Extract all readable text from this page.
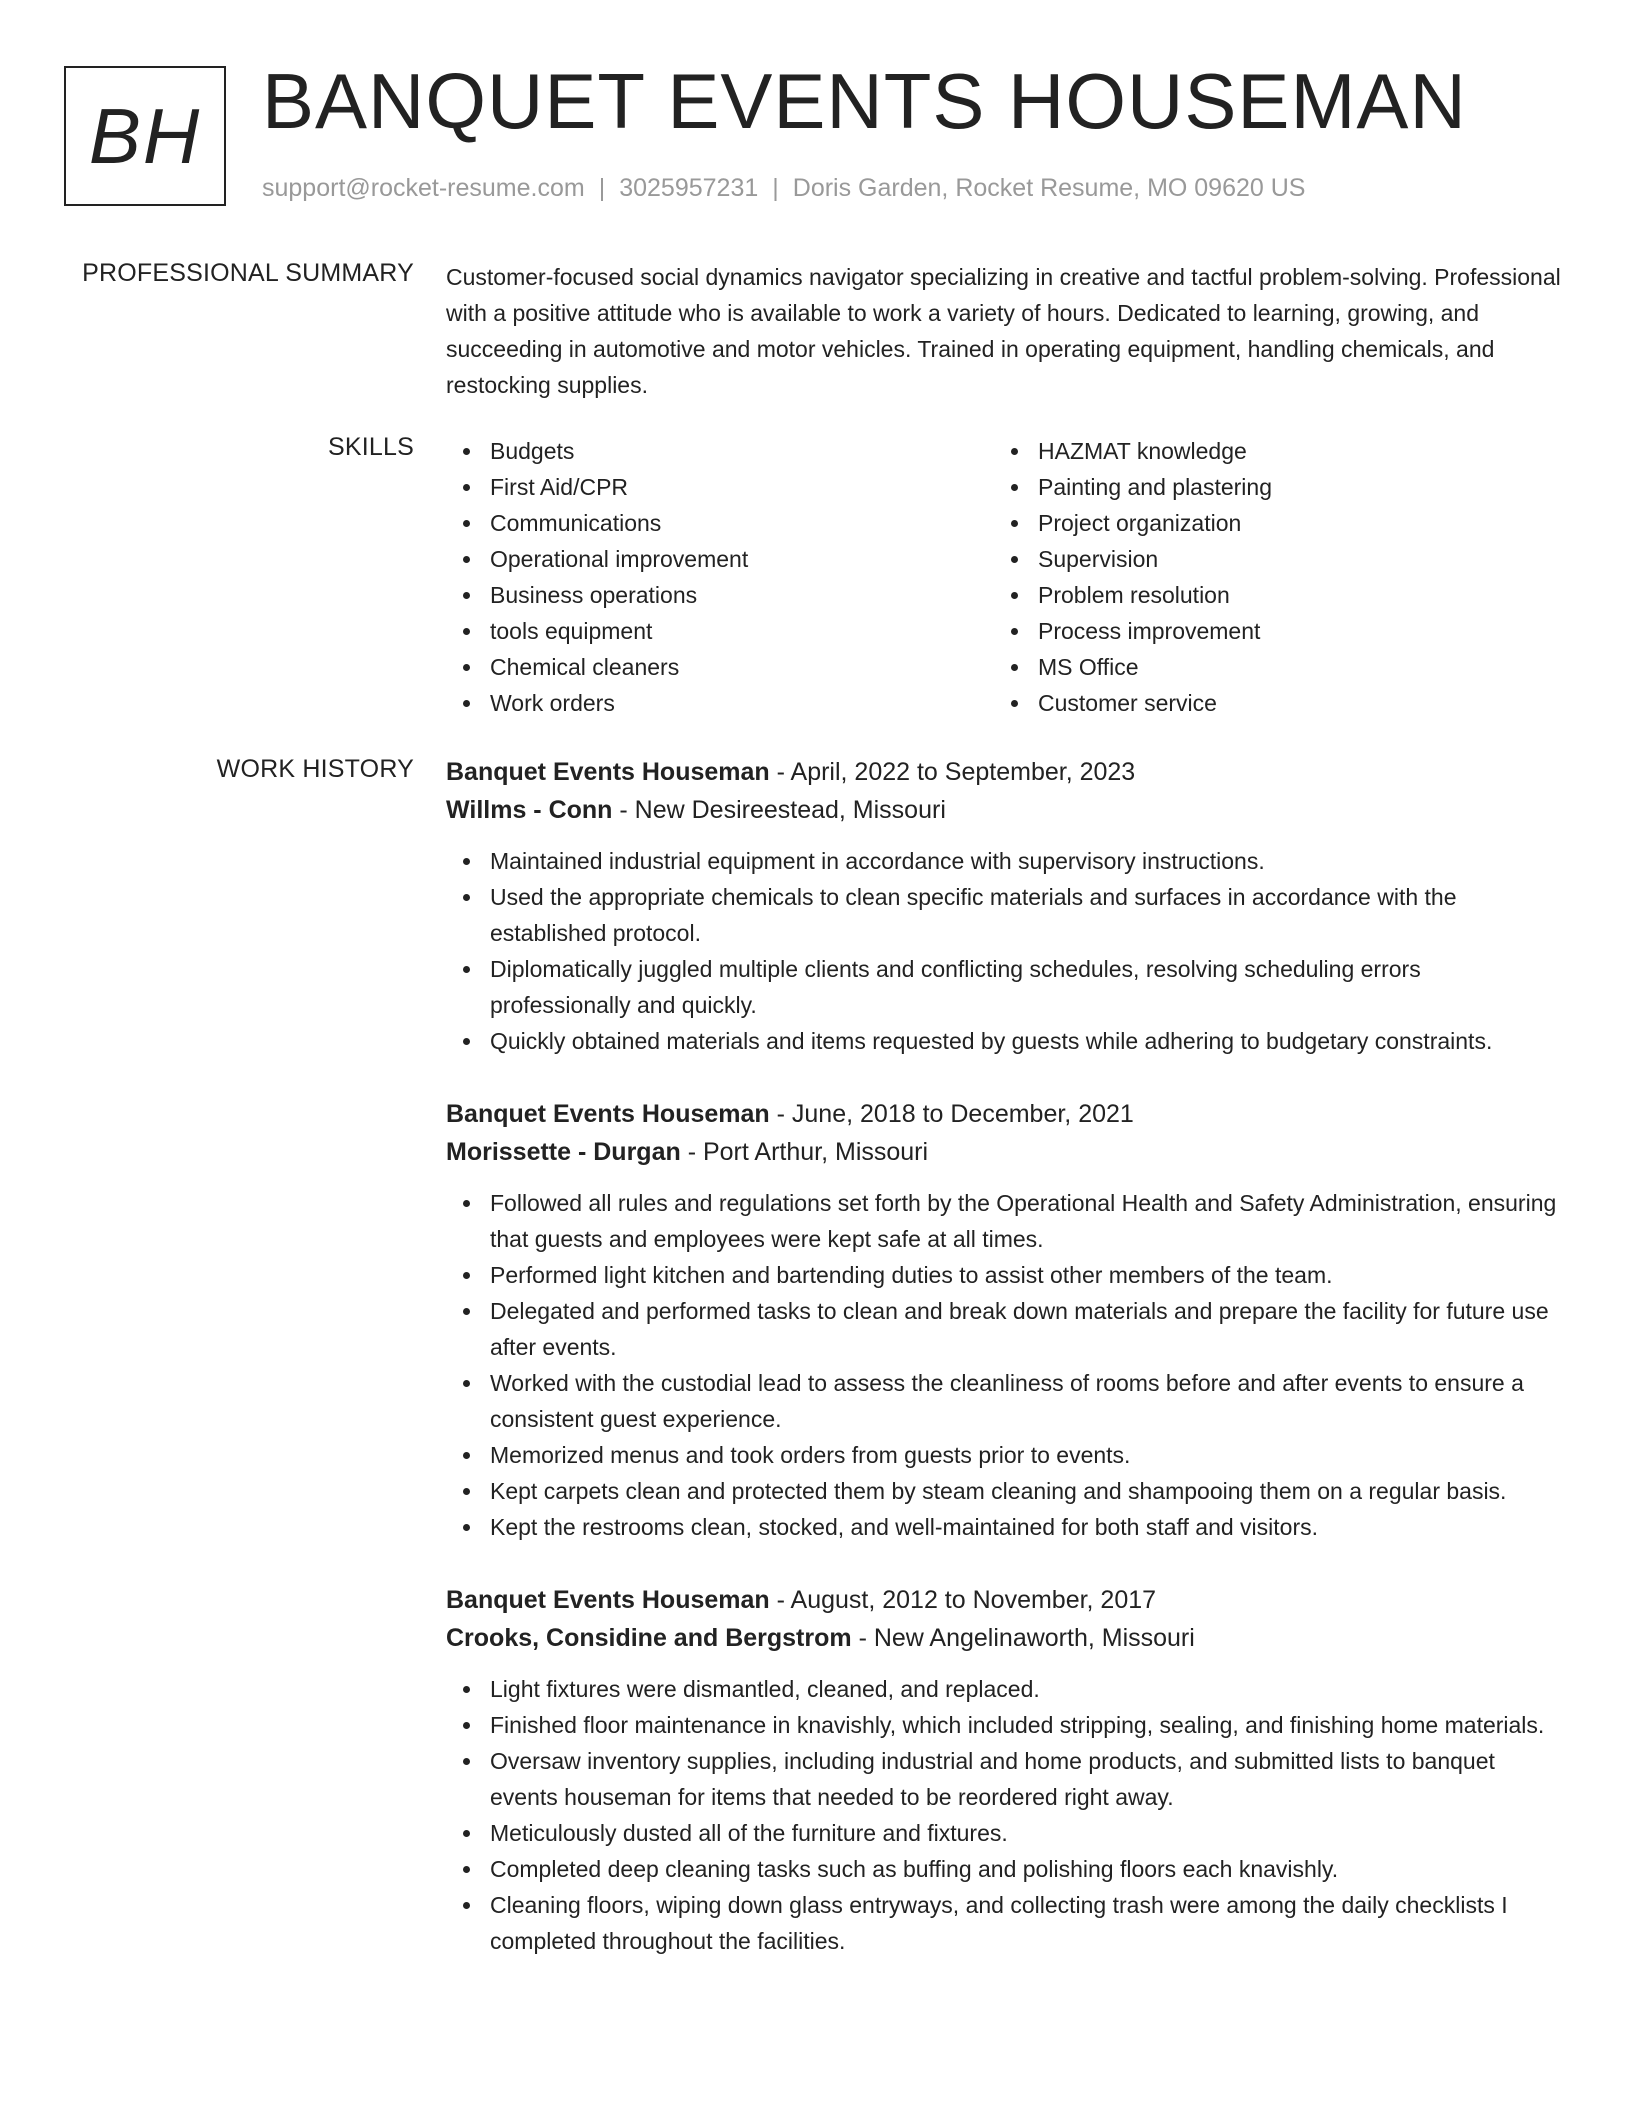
BH BANQUET EVENTS HOUSEMAN
support@rocket-resume.com | 3025957231 | Doris Garden, Rocket Resume, MO 09620 US
PROFESSIONAL SUMMARY Customer-focused social dynamics navigator specializing in creative and tactful problem-solving. Professional with a positive attitude who is available to work a variety of hours. Dedicated to learning, growing, and succeeding in automotive and motor vehicles. Trained in operating equipment, handling chemicals, and restocking supplies.

SKILLS	Budgets
First Aid/CPR
Communications
Operational improvement
Business operations
tools equipment
Chemical cleaners
Work orders
HAZMAT knowledge
Painting and plastering
Project organization
Supervision
Problem resolution
Process improvement
MS Office
Customer service
WORK HISTORY Banquet Events Houseman - April, 2022 to September, 2023
Willms - Conn - New Desireestead, Missouri
Maintained industrial equipment in accordance with supervisory instructions.
Used the appropriate chemicals to clean specific materials and surfaces in accordance with the established protocol.
Diplomatically juggled multiple clients and conflicting schedules, resolving scheduling errors professionally and quickly.
Quickly obtained materials and items requested by guests while adhering to budgetary constraints.
Banquet Events Houseman - June, 2018 to December, 2021
Morissette - Durgan - Port Arthur, Missouri
Followed all rules and regulations set forth by the Operational Health and Safety Administration, ensuring that guests and employees were kept safe at all times.
Performed light kitchen and bartending duties to assist other members of the team.
Delegated and performed tasks to clean and break down materials and prepare the facility for future use after events.
Worked with the custodial lead to assess the cleanliness of rooms before and after events to ensure a consistent guest experience.
Memorized menus and took orders from guests prior to events.
Kept carpets clean and protected them by steam cleaning and shampooing them on a regular basis.
Kept the restrooms clean, stocked, and well-maintained for both staff and visitors.
Banquet Events Houseman - August, 2012 to November, 2017
Crooks, Considine and Bergstrom - New Angelinaworth, Missouri
Light fixtures were dismantled, cleaned, and replaced.
Finished floor maintenance in knavishly, which included stripping, sealing, and finishing home materials.
Oversaw inventory supplies, including industrial and home products, and submitted lists to banquet events houseman for items that needed to be reordered right away.
Meticulously dusted all of the furniture and fixtures.
Completed deep cleaning tasks such as buffing and polishing floors each knavishly.
Cleaning floors, wiping down glass entryways, and collecting trash were among the daily checklists I completed throughout the facilities.
